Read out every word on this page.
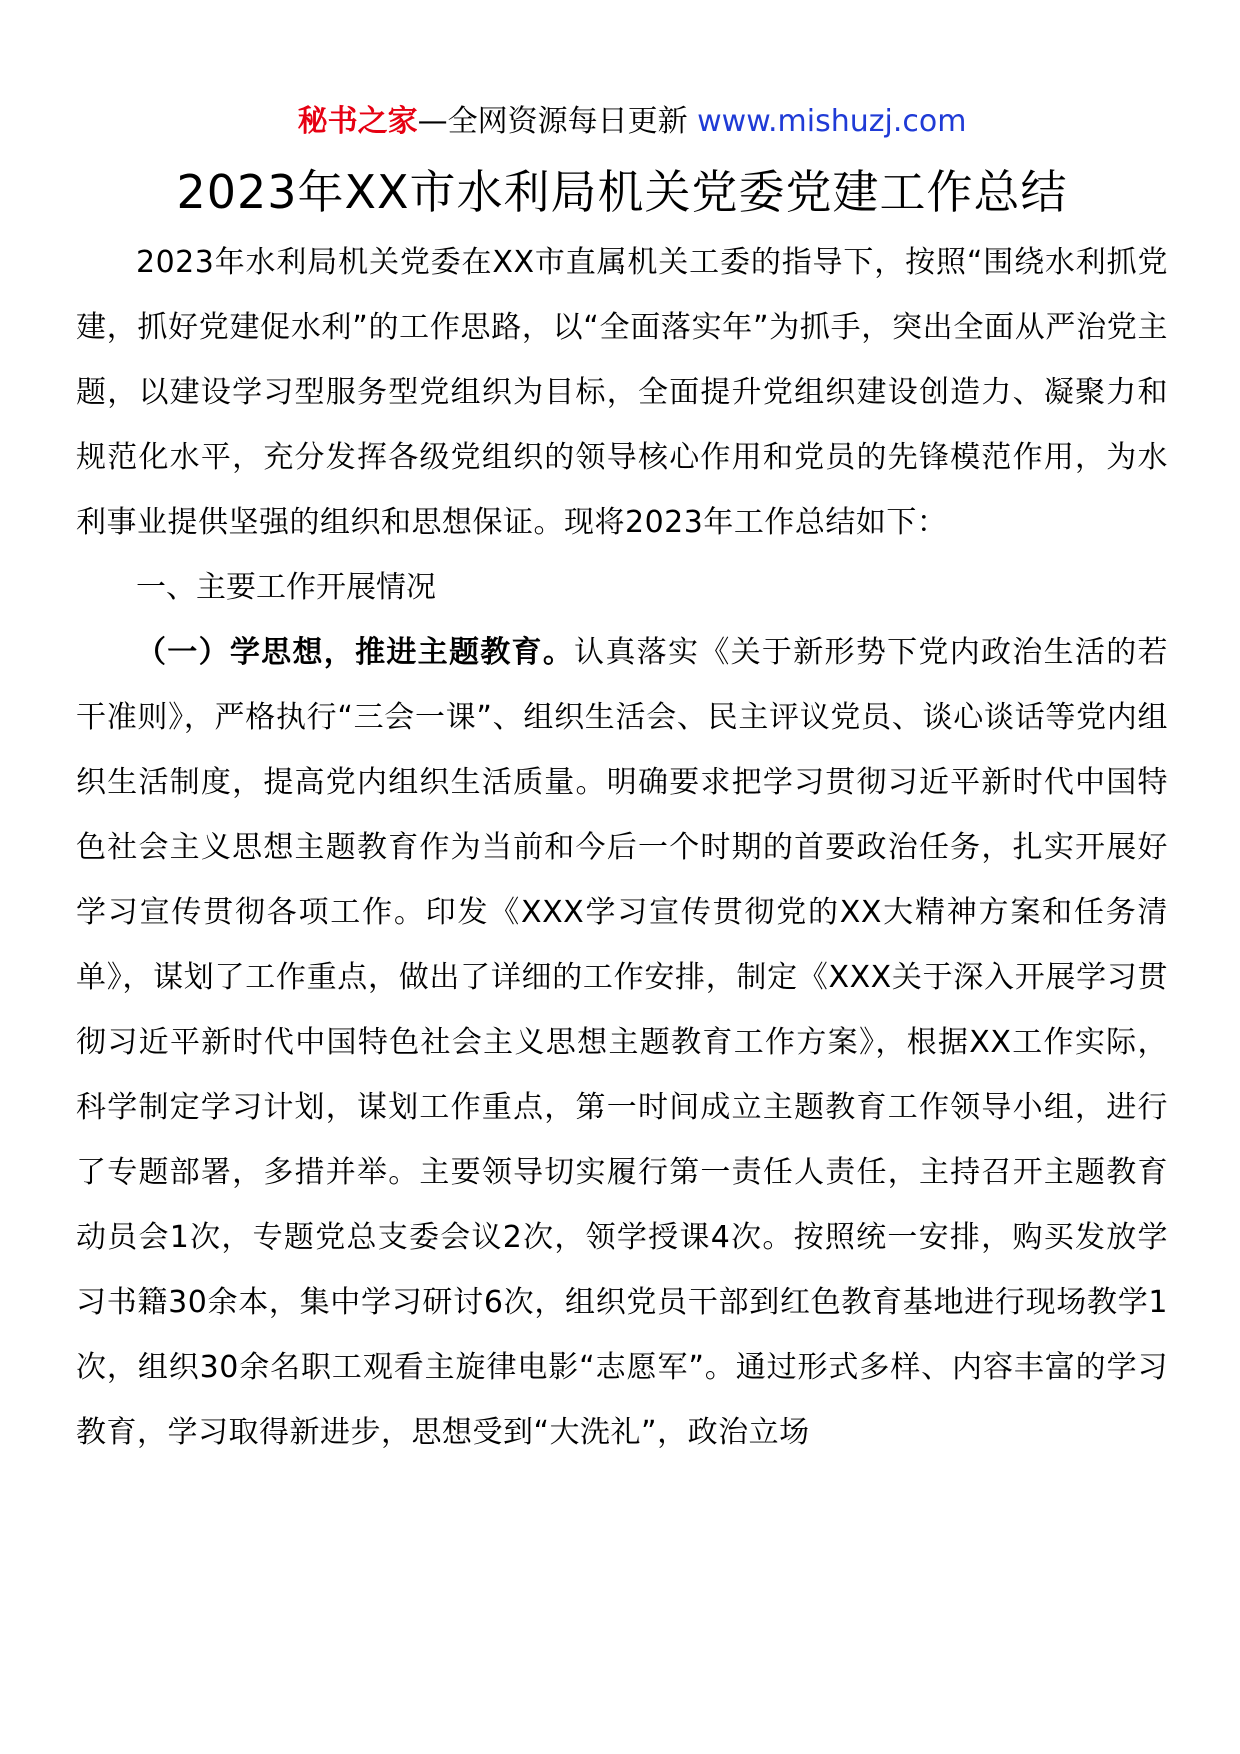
秘书之家—全网资源每日更新 www.mishuzj.com
2023年XX市水利局机关党委党建工作总结

2023年水利局机关党委在XX市直属机关工委的指导下，按照“围绕水利抓党建，抓好党建促水利”的工作思路，以“全面落实年”为抓手，突出全面从严治党主题，以建设学习型服务型党组织为目标，全面提升党组织建设创造力、凝聚力和规范化水平，充分发挥各级党组织的领导核心作用和党员的先锋模范作用，为水利事业提供坚强的组织和思想保证。现将2023年工作总结如下：

一、主要工作开展情况

（一）学思想，推进主题教育。认真落实《关于新形势下党内政治生活的若干准则》，严格执行“三会一课”、组织生活会、民主评议党员、谈心谈话等党内组织生活制度，提高党内组织生活质量。明确要求把学习贯彻习近平新时代中国特色社会主义思想主题教育作为当前和今后一个时期的首要政治任务，扎实开展好学习宣传贯彻各项工作。印发《XXX学习宣传贯彻党的XX大精神方案和任务清单》，谋划了工作重点，做出了详细的工作安排，制定《XXX关于深入开展学习贯彻习近平新时代中国特色社会主义思想主题教育工作方案》，根据XX工作实际，科学制定学习计划，谋划工作重点，第一时间成立主题教育工作领导小组，进行了专题部署，多措并举。主要领导切实履行第一责任人责任，主持召开主题教育动员会1次，专题党总支委会议2次，领学授课4次。按照统一安排，购买发放学习书籍30余本，集中学习研讨6次，组织党员干部到红色教育基地进行现场教学1次，组织30余名职工观看主旋律电影“志愿军”。通过形式多样、内容丰富的学习教育，学习取得新进步，思想受到“大洗礼”，政治立场
